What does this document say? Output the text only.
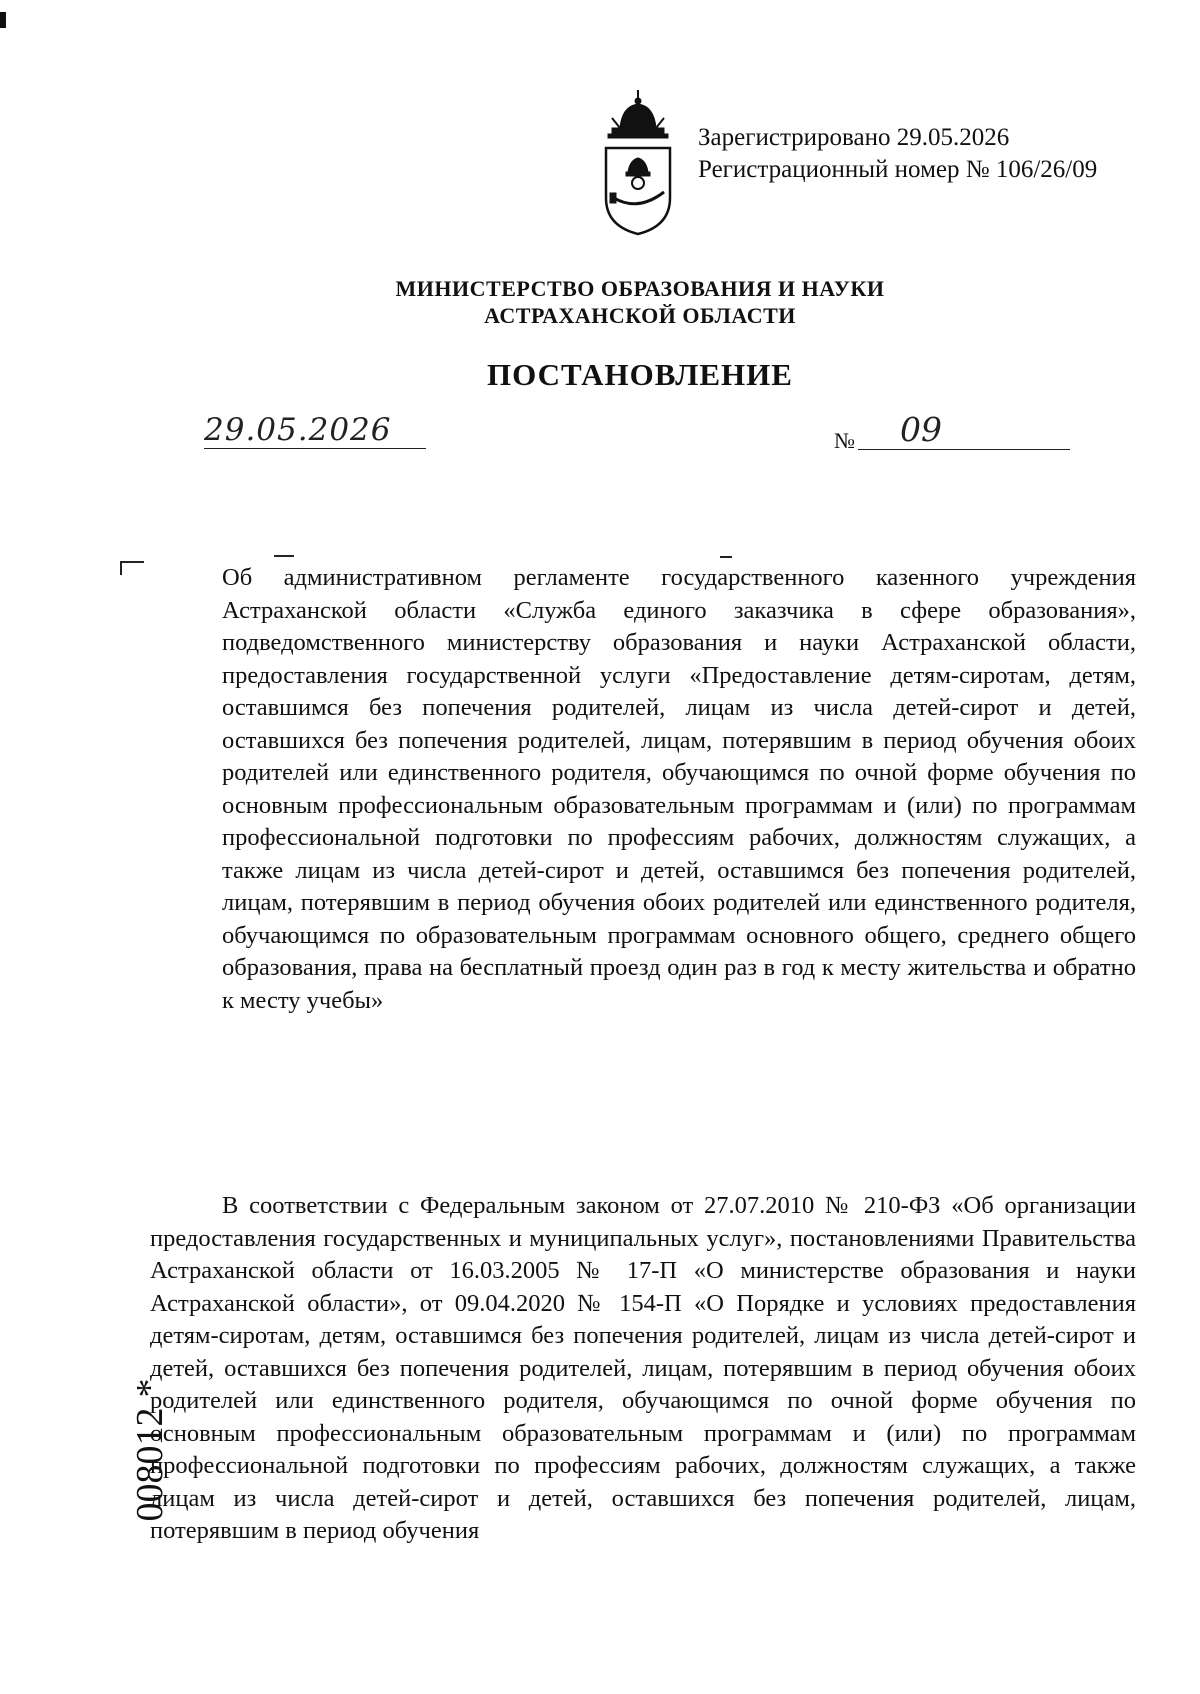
Зарегистрировано 29.05.2026
Регистрационный номер № 106/26/09
МИНИСТЕРСТВО ОБРАЗОВАНИЯ И НАУКИ
АСТРАХАНСКОЙ ОБЛАСТИ
ПОСТАНОВЛЕНИЕ
29.05.2026	№ 09
Об административном регламенте государственного казенного учреждения Астраханской области «Служба единого заказчика в сфере образования», подведомственного министерству образования и науки Астраханской области, предоставления государственной услуги «Предоставление детям-сиротам, детям, оставшимся без попечения родителей, лицам из числа детей-сирот и детей, оставшихся без попечения родителей, лицам, потерявшим в период обучения обоих родителей или единственного родителя, обучающимся по очной форме обучения по основным профессиональным образовательным программам и (или) по программам профессиональной подготовки по профессиям рабочих, должностям служащих, а также лицам из числа детей-сирот и детей, оставшимся без попечения родителей, лицам, потерявшим в период обучения обоих родителей или единственного родителя, обучающимся по образовательным программам основного общего, среднего общего образования, права на бесплатный проезд один раз в год к месту жительства и обратно к месту учебы»
В соответствии с Федеральным законом от 27.07.2010 № 210-ФЗ «Об организации предоставления государственных и муниципальных услуг», постановлениями Правительства Астраханской области от 16.03.2005 № 17-П «О министерстве образования и науки Астраханской области», от 09.04.2020 № 154-П «О Порядке и условиях предоставления детям-сиротам, детям, оставшимся без попечения родителей, лицам из числа детей-сирот и детей, оставшихся без попечения родителей, лицам, потерявшим в период обучения обоих родителей или единственного родителя, обучающимся по очной форме обучения по основным профессиональным образовательным программам и (или) по программам профессиональной подготовки по профессиям рабочих, должностям служащих, а также лицам из числа детей-сирот и детей, оставшихся без попечения родителей, лицам, потерявшим в период обучения
008012
*
